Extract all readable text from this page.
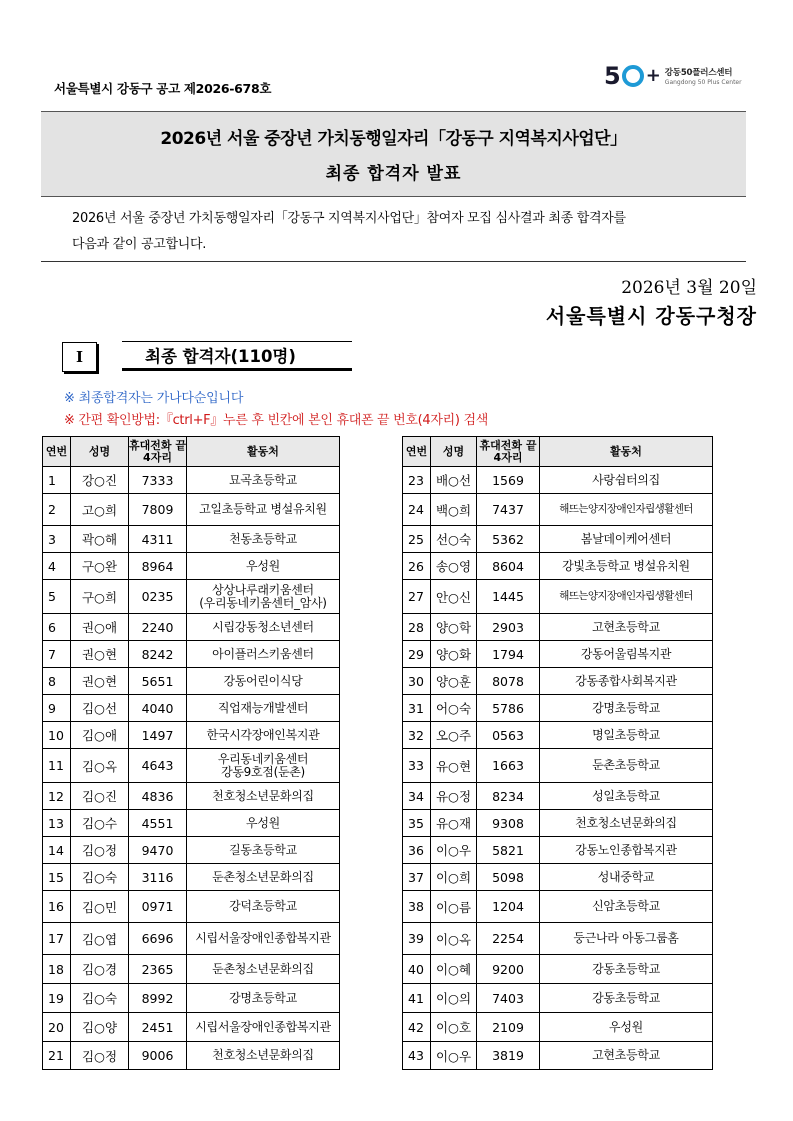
서울특별시 강동구 공고 제2026-678호	5 + 강동50플러스센터
Gangdong 50 Plus Center
2026년 서울 중장년 가치동행일자리「강동구 지역복지사업단」
최종 합격자 발표
2026년 서울 중장년 가치동행일자리「강동구 지역복지사업단」참여자 모집 심사결과 최종 합격자를
다음과 같이 공고합니다.
2026년 3월 20일
서울특별시 강동구청장
Ⅰ	최종 합격자(110명)
※ 최종합격자는 가나다순입니다
※ 간편 확인방법:『ctrl+F』누른 후 빈칸에 본인 휴대폰 끝 번호(4자리) 검색
연번	성명	휴대전화 끝4자리	활동처
1	강○진	7333	묘곡초등학교
2	고○희	7809	고일초등학교 병설유치원
3	곽○해	4311	천동초등학교
4	구○완	8964	우성원
5	구○희	0235	상상나루래키움센터
(우리동네키움센터_암사)
6	권○애	2240	시립강동청소년센터
7	권○현	8242	아이플러스키움센터
8	권○현	5651	강동어린이식당
9	김○선	4040	직업재능개발센터
10	김○애	1497	한국시각장애인복지관
11	김○옥	4643	우리동네키움센터
강동9호점(둔촌)
12	김○진	4836	천호청소년문화의집
13	김○수	4551	우성원
14	김○정	9470	길동초등학교
15	김○숙	3116	둔촌청소년문화의집
16	김○민	0971	강덕초등학교
17	김○엽	6696	시립서울장애인종합복지관
18	김○경	2365	둔촌청소년문화의집
19	김○숙	8992	강명초등학교
20	김○양	2451	시립서울장애인종합복지관
21	김○정	9006	천호청소년문화의집
연번	성명	휴대전화 끝4자리	활동처
23	배○선	1569	사랑쉼터의집
24	백○희	7437	해뜨는양지장애인자립생활센터
25	선○숙	5362	봄날데이케어센터
26	송○영	8604	강빛초등학교 병설유치원
27	안○신	1445	해뜨는양지장애인자립생활센터
28	양○학	2903	고현초등학교
29	양○화	1794	강동어울림복지관
30	양○훈	8078	강동종합사회복지관
31	어○숙	5786	강명초등학교
32	오○주	0563	명일초등학교
33	유○현	1663	둔촌초등학교
34	유○정	8234	성일초등학교
35	유○재	9308	천호청소년문화의집
36	이○우	5821	강동노인종합복지관
37	이○희	5098	성내중학교
38	이○름	1204	신암초등학교
39	이○옥	2254	둥근나라 아동그룹홈
40	이○혜	9200	강동초등학교
41	이○의	7403	강동초등학교
42	이○호	2109	우성원
43	이○우	3819	고현초등학교
